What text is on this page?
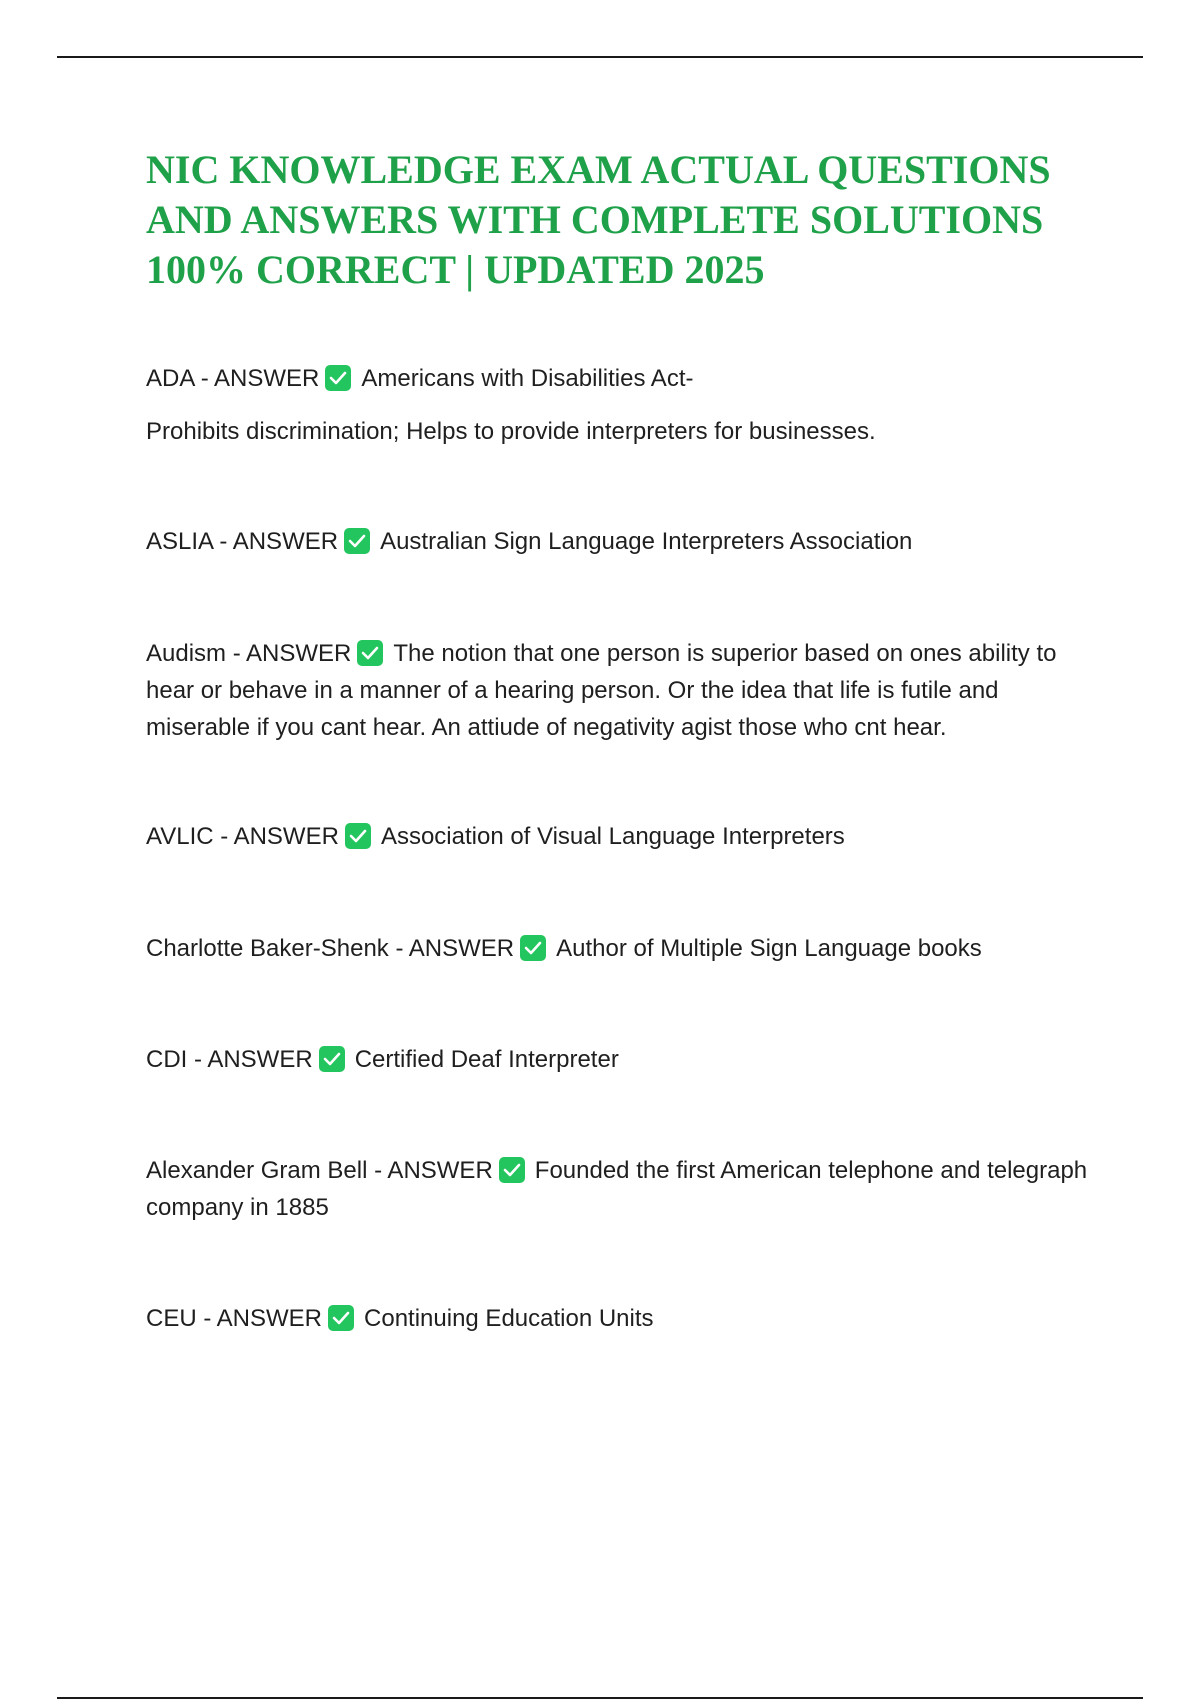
NIC KNOWLEDGE EXAM ACTUAL QUESTIONS
AND ANSWERS WITH COMPLETE SOLUTIONS
100% CORRECT | UPDATED 2025
ADA - ANSWER Americans with Disabilities Act-
Prohibits discrimination; Helps to provide interpreters for businesses.
ASLIA - ANSWER Australian Sign Language Interpreters Association
Audism - ANSWER The notion that one person is superior based on ones ability to hear or behave in a manner of a hearing person. Or the idea that life is futile and miserable if you cant hear. An attiude of negativity agist those who cnt hear.
AVLIC - ANSWER Association of Visual Language Interpreters
Charlotte Baker-Shenk - ANSWER Author of Multiple Sign Language books
CDI - ANSWER Certified Deaf Interpreter
Alexander Gram Bell - ANSWER Founded the first American telephone and telegraph company in 1885
CEU - ANSWER Continuing Education Units
